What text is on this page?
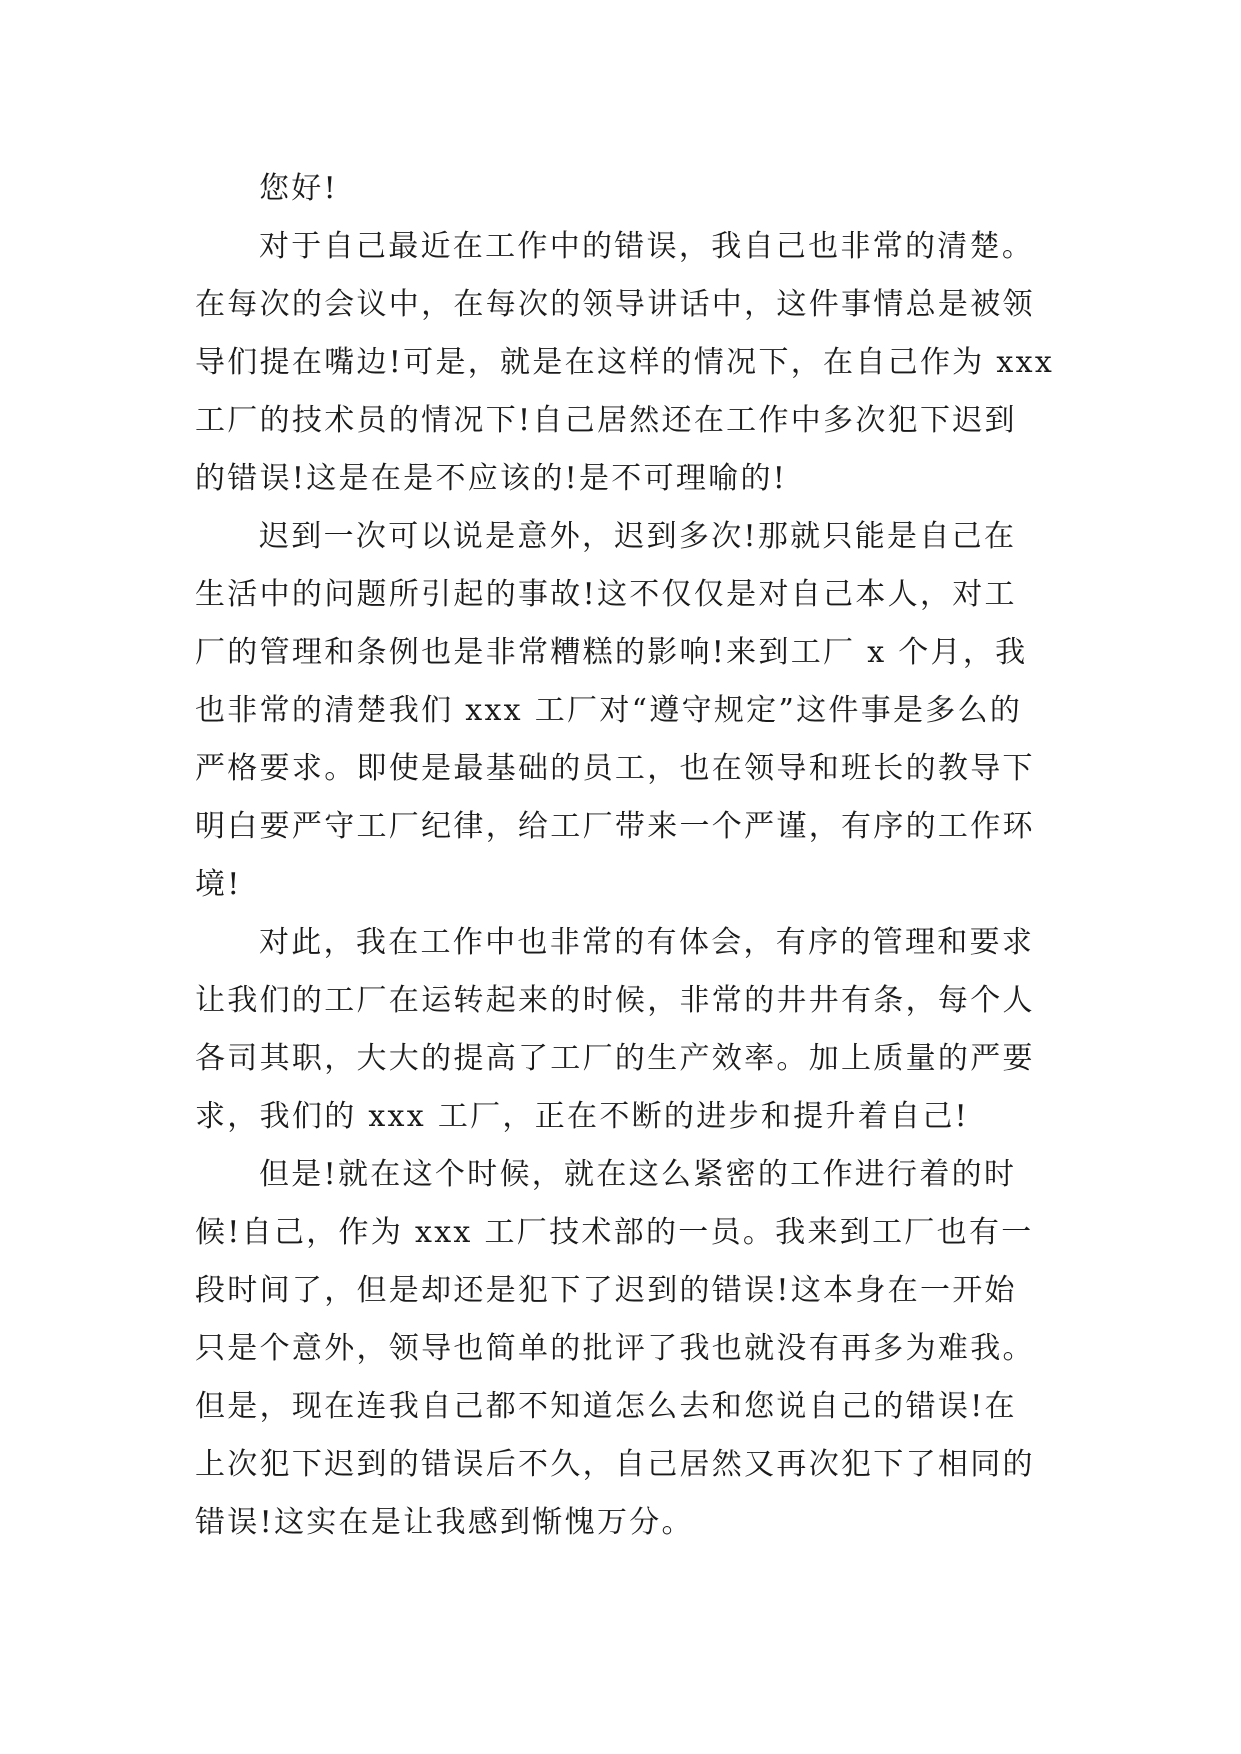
您好!
对于自己最近在工作中的错误，我自己也非常的清楚。
在每次的会议中，在每次的领导讲话中，这件事情总是被领
导们提在嘴边!可是，就是在这样的情况下，在自己作为 xxx
工厂的技术员的情况下!自己居然还在工作中多次犯下迟到
的错误!这是在是不应该的!是不可理喻的!
迟到一次可以说是意外，迟到多次!那就只能是自己在
生活中的问题所引起的事故!这不仅仅是对自己本人，对工
厂的管理和条例也是非常糟糕的影响!来到工厂 x 个月，我
也非常的清楚我们 xxx 工厂对“遵守规定”这件事是多么的
严格要求。即使是最基础的员工，也在领导和班长的教导下
明白要严守工厂纪律，给工厂带来一个严谨，有序的工作环
境!
对此，我在工作中也非常的有体会，有序的管理和要求
让我们的工厂在运转起来的时候，非常的井井有条，每个人
各司其职，大大的提高了工厂的生产效率。加上质量的严要
求，我们的 xxx 工厂，正在不断的进步和提升着自己!
但是!就在这个时候，就在这么紧密的工作进行着的时
候!自己，作为 xxx 工厂技术部的一员。我来到工厂也有一
段时间了，但是却还是犯下了迟到的错误!这本身在一开始
只是个意外，领导也简单的批评了我也就没有再多为难我。
但是，现在连我自己都不知道怎么去和您说自己的错误!在
上次犯下迟到的错误后不久，自己居然又再次犯下了相同的
错误!这实在是让我感到惭愧万分。
